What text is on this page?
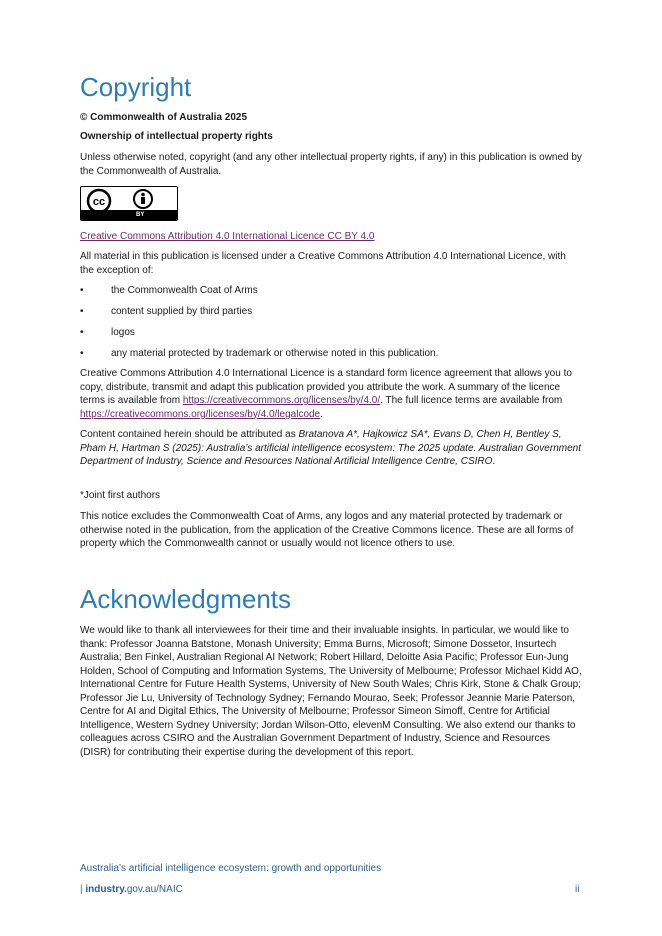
Copyright

© Commonwealth of Australia 2025

Ownership of intellectual property rights

Unless otherwise noted, copyright (and any other intellectual property rights, if any) in this publication is owned by the Commonwealth of Australia.

cc
BY

Creative Commons Attribution 4.0 International Licence CC BY 4.0

All material in this publication is licensed under a Creative Commons Attribution 4.0 International Licence, with the exception of:

•	the Commonwealth Coat of Arms
•	content supplied by third parties
•	logos
•	any material protected by trademark or otherwise noted in this publication.

Creative Commons Attribution 4.0 International Licence is a standard form licence agreement that allows you to copy, distribute, transmit and adapt this publication provided you attribute the work. A summary of the licence terms is available from https://creativecommons.org/licenses/by/4.0/. The full licence terms are available from https://creativecommons.org/licenses/by/4.0/legalcode.

Content contained herein should be attributed as Bratanova A*, Hajkowicz SA*, Evans D, Chen H, Bentley S, Pham H, Hartman S (2025): Australia’s artificial intelligence ecosystem: The 2025 update. Australian Government Department of Industry, Science and Resources National Artificial Intelligence Centre, CSIRO.

*Joint first authors

This notice excludes the Commonwealth Coat of Arms, any logos and any material protected by trademark or otherwise noted in the publication, from the application of the Creative Commons licence. These are all forms of property which the Commonwealth cannot or usually would not licence others to use.

Acknowledgments

We would like to thank all interviewees for their time and their invaluable insights. In particular, we would like to thank: Professor Joanna Batstone, Monash University; Emma Burns, Microsoft; Simone Dossetor, Insurtech Australia; Ben Finkel, Australian Regional AI Network; Robert Hillard, Deloitte Asia Pacific; Professor Eun-Jung Holden, School of Computing and Information Systems, The University of Melbourne; Professor Michael Kidd AO, International Centre for Future Health Systems, University of New South Wales; Chris Kirk, Stone & Chalk Group; Professor Jie Lu, University of Technology Sydney; Fernando Mourao, Seek; Professor Jeannie Marie Paterson, Centre for AI and Digital Ethics, The University of Melbourne; Professor Simeon Simoff, Centre for Artificial Intelligence, Western Sydney University; Jordan Wilson-Otto, elevenM Consulting. We also extend our thanks to colleagues across CSIRO and the Australian Government Department of Industry, Science and Resources (DISR) for contributing their expertise during the development of this report.

Australia’s artificial intelligence ecosystem: growth and opportunities
| industry.gov.au/NAIC	ii
